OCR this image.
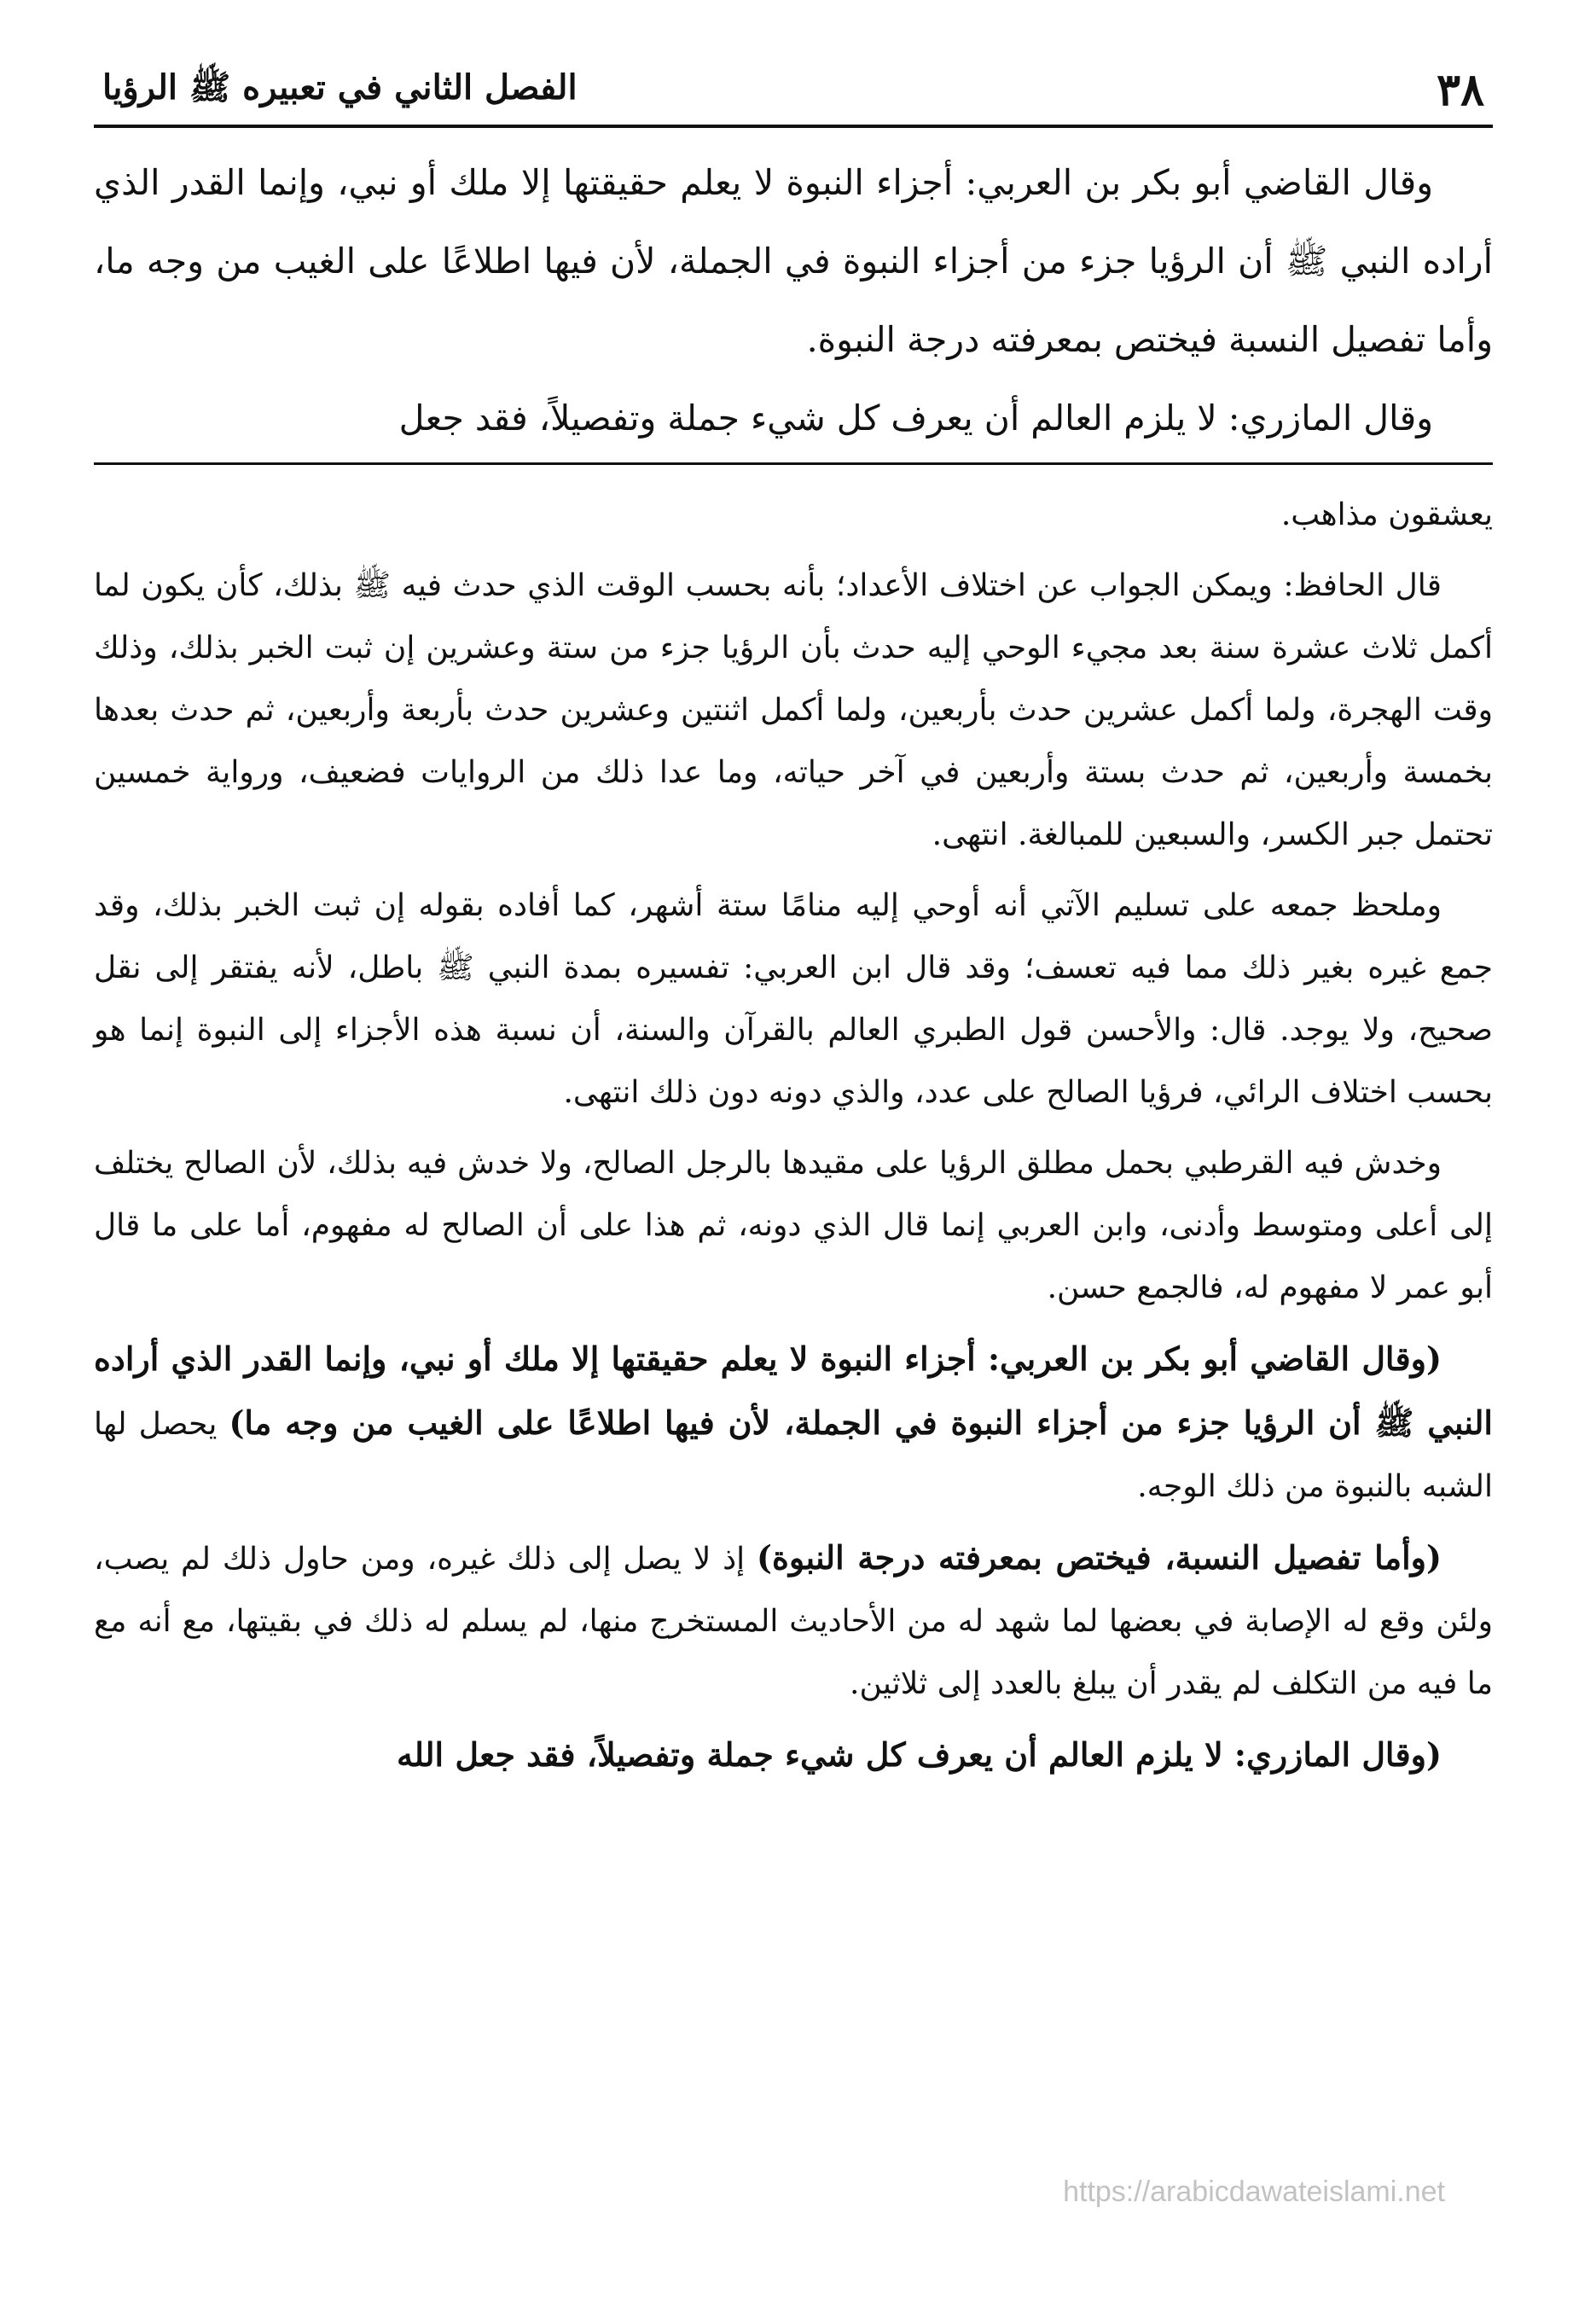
٣٨
الفصل الثاني في تعبيره ﷺ الرؤيا

وقال القاضي أبو بكر بن العربي: أجزاء النبوة لا يعلم حقيقتها إلا ملك أو نبي، وإنما القدر الذي أراده النبي ﷺ أن الرؤيا جزء من أجزاء النبوة في الجملة، لأن فيها اطلاعًا على الغيب من وجه ما، وأما تفصيل النسبة فيختص بمعرفته درجة النبوة.

وقال المازري: لا يلزم العالم أن يعرف كل شيء جملة وتفصيلاً، فقد جعل

يعشقون مذاهب.

قال الحافظ: ويمكن الجواب عن اختلاف الأعداد؛ بأنه بحسب الوقت الذي حدث فيه ﷺ بذلك، كأن يكون لما أكمل ثلاث عشرة سنة بعد مجيء الوحي إليه حدث بأن الرؤيا جزء من ستة وعشرين إن ثبت الخبر بذلك، وذلك وقت الهجرة، ولما أكمل عشرين حدث بأربعين، ولما أكمل اثنتين وعشرين حدث بأربعة وأربعين، ثم حدث بعدها بخمسة وأربعين، ثم حدث بستة وأربعين في آخر حياته، وما عدا ذلك من الروايات فضعيف، ورواية خمسين تحتمل جبر الكسر، والسبعين للمبالغة. انتهى.

وملحظ جمعه على تسليم الآتي أنه أوحي إليه منامًا ستة أشهر، كما أفاده بقوله إن ثبت الخبر بذلك، وقد جمع غيره بغير ذلك مما فيه تعسف؛ وقد قال ابن العربي: تفسيره بمدة النبي ﷺ باطل، لأنه يفتقر إلى نقل صحيح، ولا يوجد. قال: والأحسن قول الطبري العالم بالقرآن والسنة، أن نسبة هذه الأجزاء إلى النبوة إنما هو بحسب اختلاف الرائي، فرؤيا الصالح على عدد، والذي دونه دون ذلك انتهى.

وخدش فيه القرطبي بحمل مطلق الرؤيا على مقيدها بالرجل الصالح، ولا خدش فيه بذلك، لأن الصالح يختلف إلى أعلى ومتوسط وأدنى، وابن العربي إنما قال الذي دونه، ثم هذا على أن الصالح له مفهوم، أما على ما قال أبو عمر لا مفهوم له، فالجمع حسن.

(وقال القاضي أبو بكر بن العربي: أجزاء النبوة لا يعلم حقيقتها إلا ملك أو نبي، وإنما القدر الذي أراده النبي ﷺ أن الرؤيا جزء من أجزاء النبوة في الجملة، لأن فيها اطلاعًا على الغيب من وجه ما) يحصل لها الشبه بالنبوة من ذلك الوجه.

(وأما تفصيل النسبة، فيختص بمعرفته درجة النبوة) إذ لا يصل إلى ذلك غيره، ومن حاول ذلك لم يصب، ولئن وقع له الإصابة في بعضها لما شهد له من الأحاديث المستخرج منها، لم يسلم له ذلك في بقيتها، مع أنه مع ما فيه من التكلف لم يقدر أن يبلغ بالعدد إلى ثلاثين.

(وقال المازري: لا يلزم العالم أن يعرف كل شيء جملة وتفصيلاً، فقد جعل الله

https://arabicdawateislami.net
